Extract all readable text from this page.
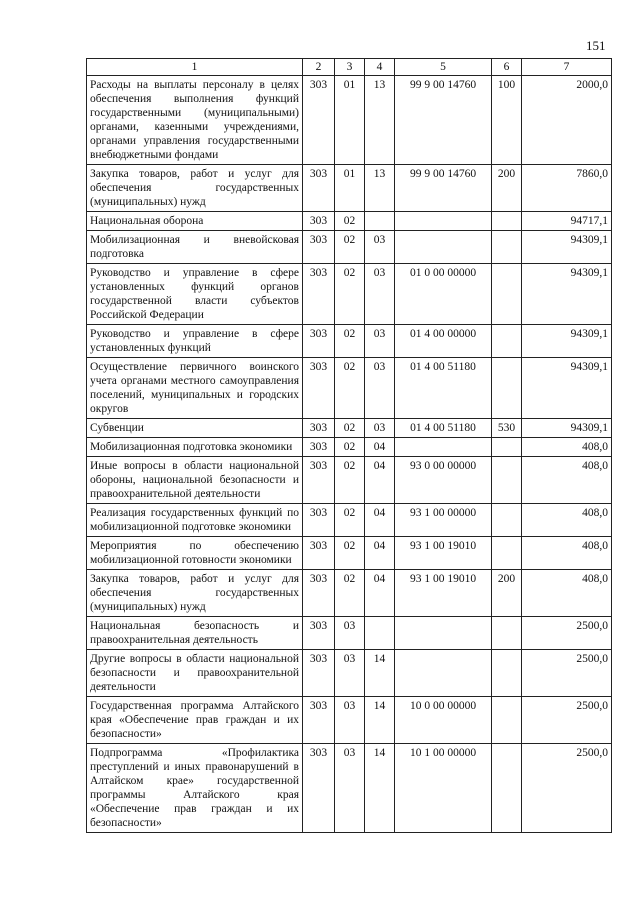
151
1	2	3	4	5	6	7
Расходы на выплаты персоналу в целях обеспечения выполнения функций государственными (муниципальными) органами, казенными учреждениями, органами управления государственными внебюджетными фондами	303	01	13	99 9 00 14760	100	2000,0
Закупка товаров, работ и услуг для обеспечения государственных (муниципальных) нужд	303	01	13	99 9 00 14760	200	7860,0
Национальная оборона	303	02				94717,1
Мобилизационная и вневойсковая подготовка	303	02	03			94309,1
Руководство и управление в сфере установленных функций органов государственной власти субъектов Российской Федерации	303	02	03	01 0 00 00000		94309,1
Руководство и управление в сфере установленных функций	303	02	03	01 4 00 00000		94309,1
Осуществление первичного воинского учета органами местного самоуправления поселений, муниципальных и городских округов	303	02	03	01 4 00 51180		94309,1
Субвенции	303	02	03	01 4 00 51180	530	94309,1
Мобилизационная подготовка экономики	303	02	04			408,0
Иные вопросы в области национальной обороны, национальной безопасности и правоохранительной деятельности	303	02	04	93 0 00 00000		408,0
Реализация государственных функций по мобилизационной подготовке экономики	303	02	04	93 1 00 00000		408,0
Мероприятия по обеспечению мобилизационной готовности экономики	303	02	04	93 1 00 19010		408,0
Закупка товаров, работ и услуг для обеспечения государственных (муниципальных) нужд	303	02	04	93 1 00 19010	200	408,0
Национальная безопасность и правоохранительная деятельность	303	03				2500,0
Другие вопросы в области национальной безопасности и правоохранительной деятельности	303	03	14			2500,0
Государственная программа Алтайского края «Обеспечение прав граждан и их безопасности»	303	03	14	10 0 00 00000		2500,0
Подпрограмма «Профилактика преступлений и иных правонарушений в Алтайском крае» государственной программы Алтайского края «Обеспечение прав граждан и их безопасности»	303	03	14	10 1 00 00000		2500,0
